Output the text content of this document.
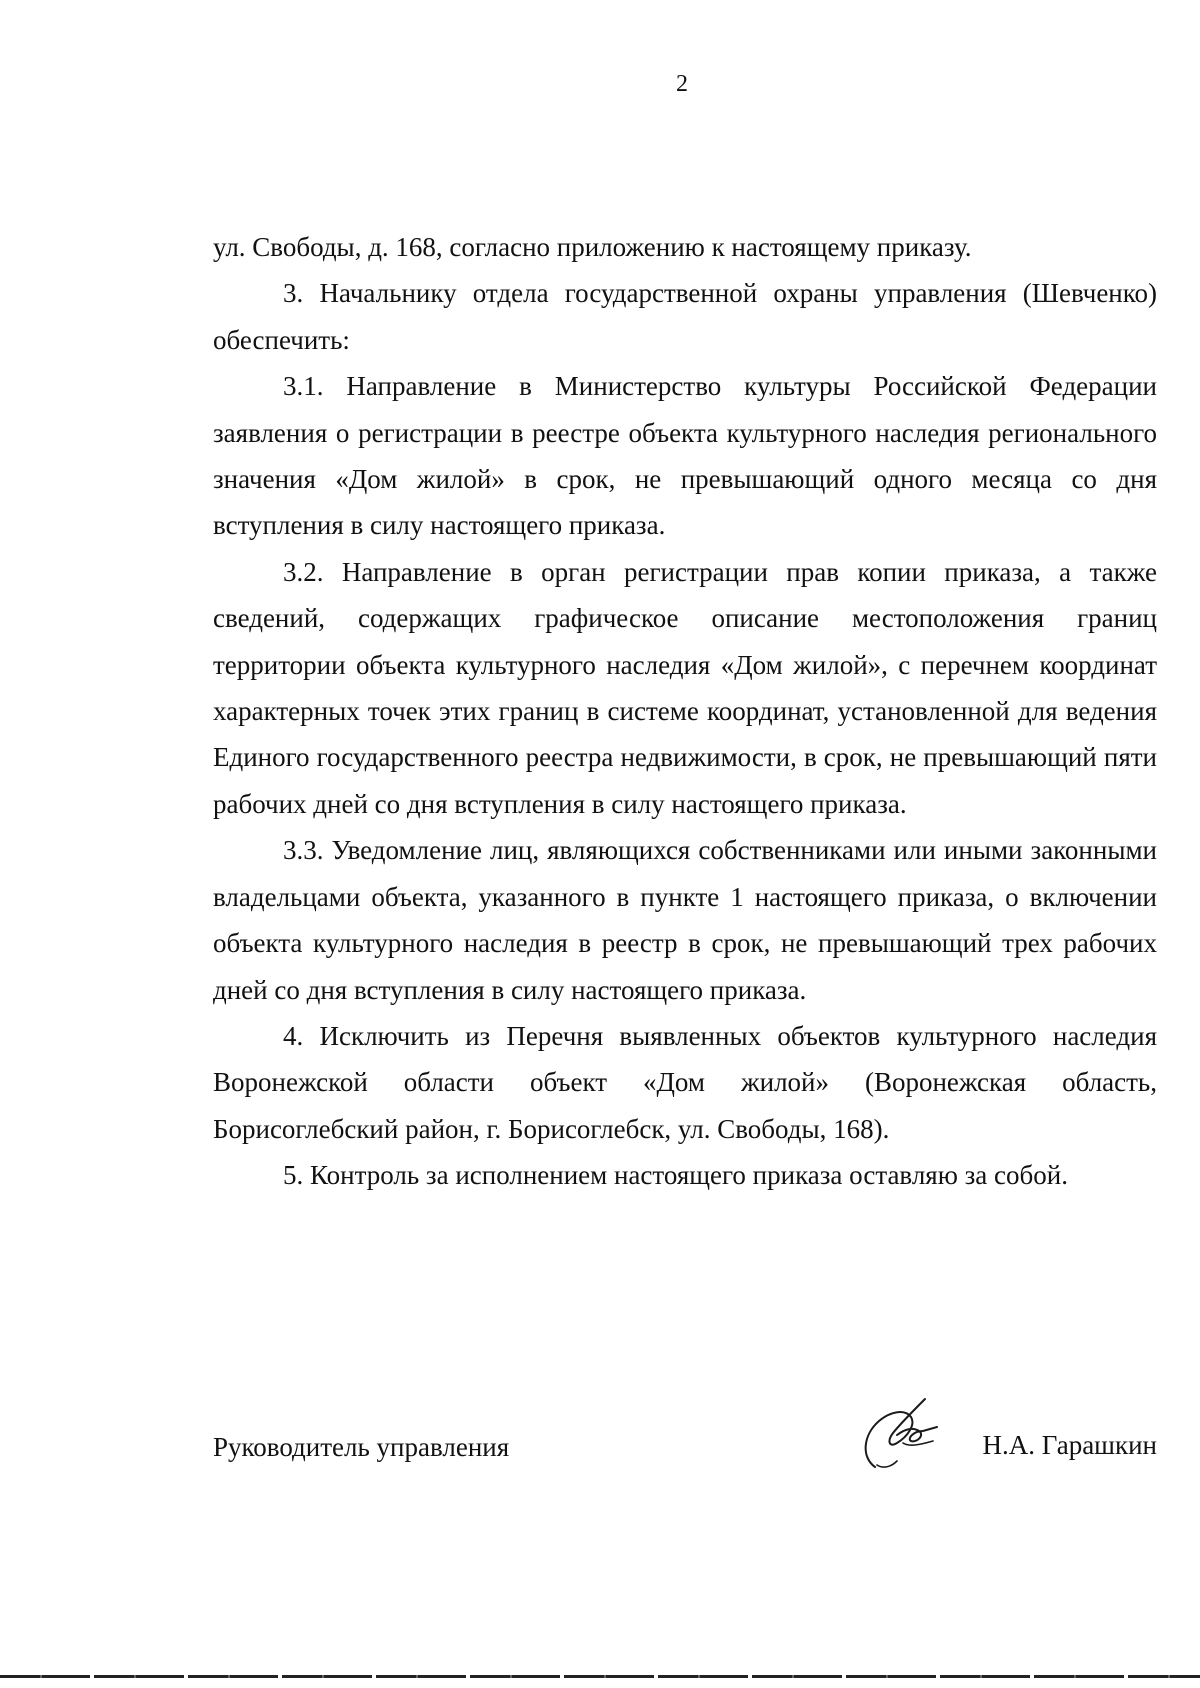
2

ул. Свободы, д. 168, согласно приложению к настоящему приказу.

3. Начальнику отдела государственной охраны управления (Шевченко) обеспечить:

3.1. Направление в Министерство культуры Российской Федерации заявления о регистрации в реестре объекта культурного наследия регионального значения «Дом жилой» в срок, не превышающий одного месяца со дня вступления в силу настоящего приказа.

3.2. Направление в орган регистрации прав копии приказа, а также сведений, содержащих графическое описание местоположения границ территории объекта культурного наследия «Дом жилой», с перечнем координат характерных точек этих границ в системе координат, установленной для ведения Единого государственного реестра недвижимости, в срок, не превышающий пяти рабочих дней со дня вступления в силу настоящего приказа.

3.3. Уведомление лиц, являющихся собственниками или иными законными владельцами объекта, указанного в пункте 1 настоящего приказа, о включении объекта культурного наследия в реестр в срок, не превышающий трех рабочих дней со дня вступления в силу настоящего приказа.

4. Исключить из Перечня выявленных объектов культурного наследия Воронежской области объект «Дом жилой» (Воронежская область, Борисоглебский район, г. Борисоглебск, ул. Свободы, 168).

5. Контроль за исполнением настоящего приказа оставляю за собой.

Руководитель управления	Н.А. Гарашкин
